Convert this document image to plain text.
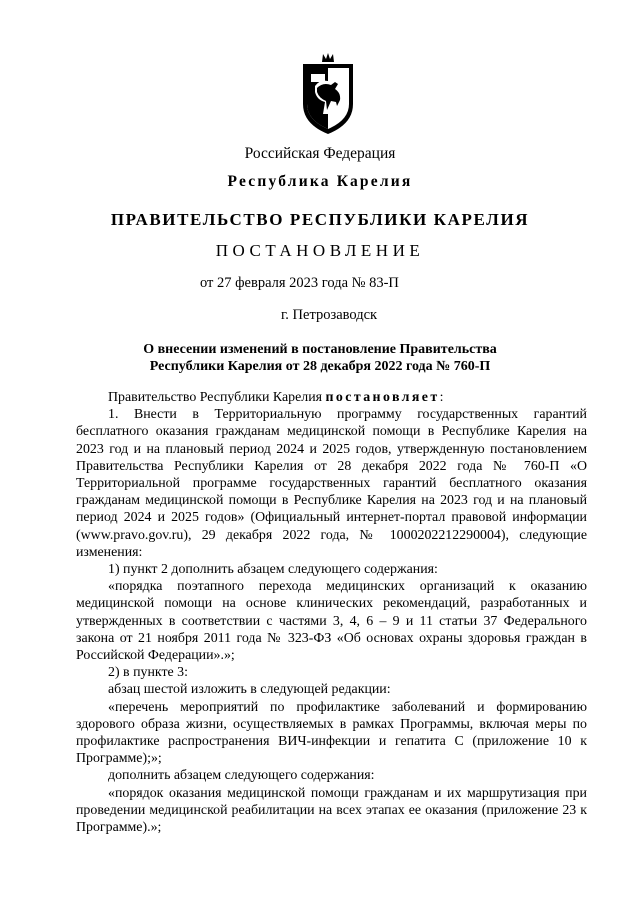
Российская Федерация
Республика Карелия
ПРАВИТЕЛЬСТВО РЕСПУБЛИКИ КАРЕЛИЯ
ПОСТАНОВЛЕНИЕ
от 27 февраля 2023 года № 83-П
г. Петрозаводск
О внесении изменений в постановление Правительства
Республики Карелия от 28 декабря 2022 года № 760-П

Правительство Республики Карелия постановляет:

1. Внести в Территориальную программу государственных гарантий бесплатного оказания гражданам медицинской помощи в Республике Карелия на 2023 год и на плановый период 2024 и 2025 годов, утвержденную постановлением Правительства Республики Карелия от 28 декабря 2022 года № 760-П «О Территориальной программе государственных гарантий бесплатного оказания гражданам медицинской помощи в Республике Карелия на 2023 год и на плановый период 2024 и 2025 годов» (Официальный интернет-портал правовой информации (www.pravo.gov.ru), 29 декабря 2022 года, № 1000202212290004), следующие изменения:

1) пункт 2 дополнить абзацем следующего содержания:

«порядка поэтапного перехода медицинских организаций к оказанию медицинской помощи на основе клинических рекомендаций, разработанных и утвержденных в соответствии с частями 3, 4, 6 – 9 и 11 статьи 37 Федерального закона от 21 ноября 2011 года № 323-ФЗ «Об основах охраны здоровья граждан в Российской Федерации».»;

2) в пункте 3:

абзац шестой изложить в следующей редакции:

«перечень мероприятий по профилактике заболеваний и формированию здорового образа жизни, осуществляемых в рамках Программы, включая меры по профилактике распространения ВИЧ-инфекции и гепатита С (приложение 10 к Программе);»;

дополнить абзацем следующего содержания:

«порядок оказания медицинской помощи гражданам и их маршрутизация при проведении медицинской реабилитации на всех этапах ее оказания (приложение 23 к Программе).»;
